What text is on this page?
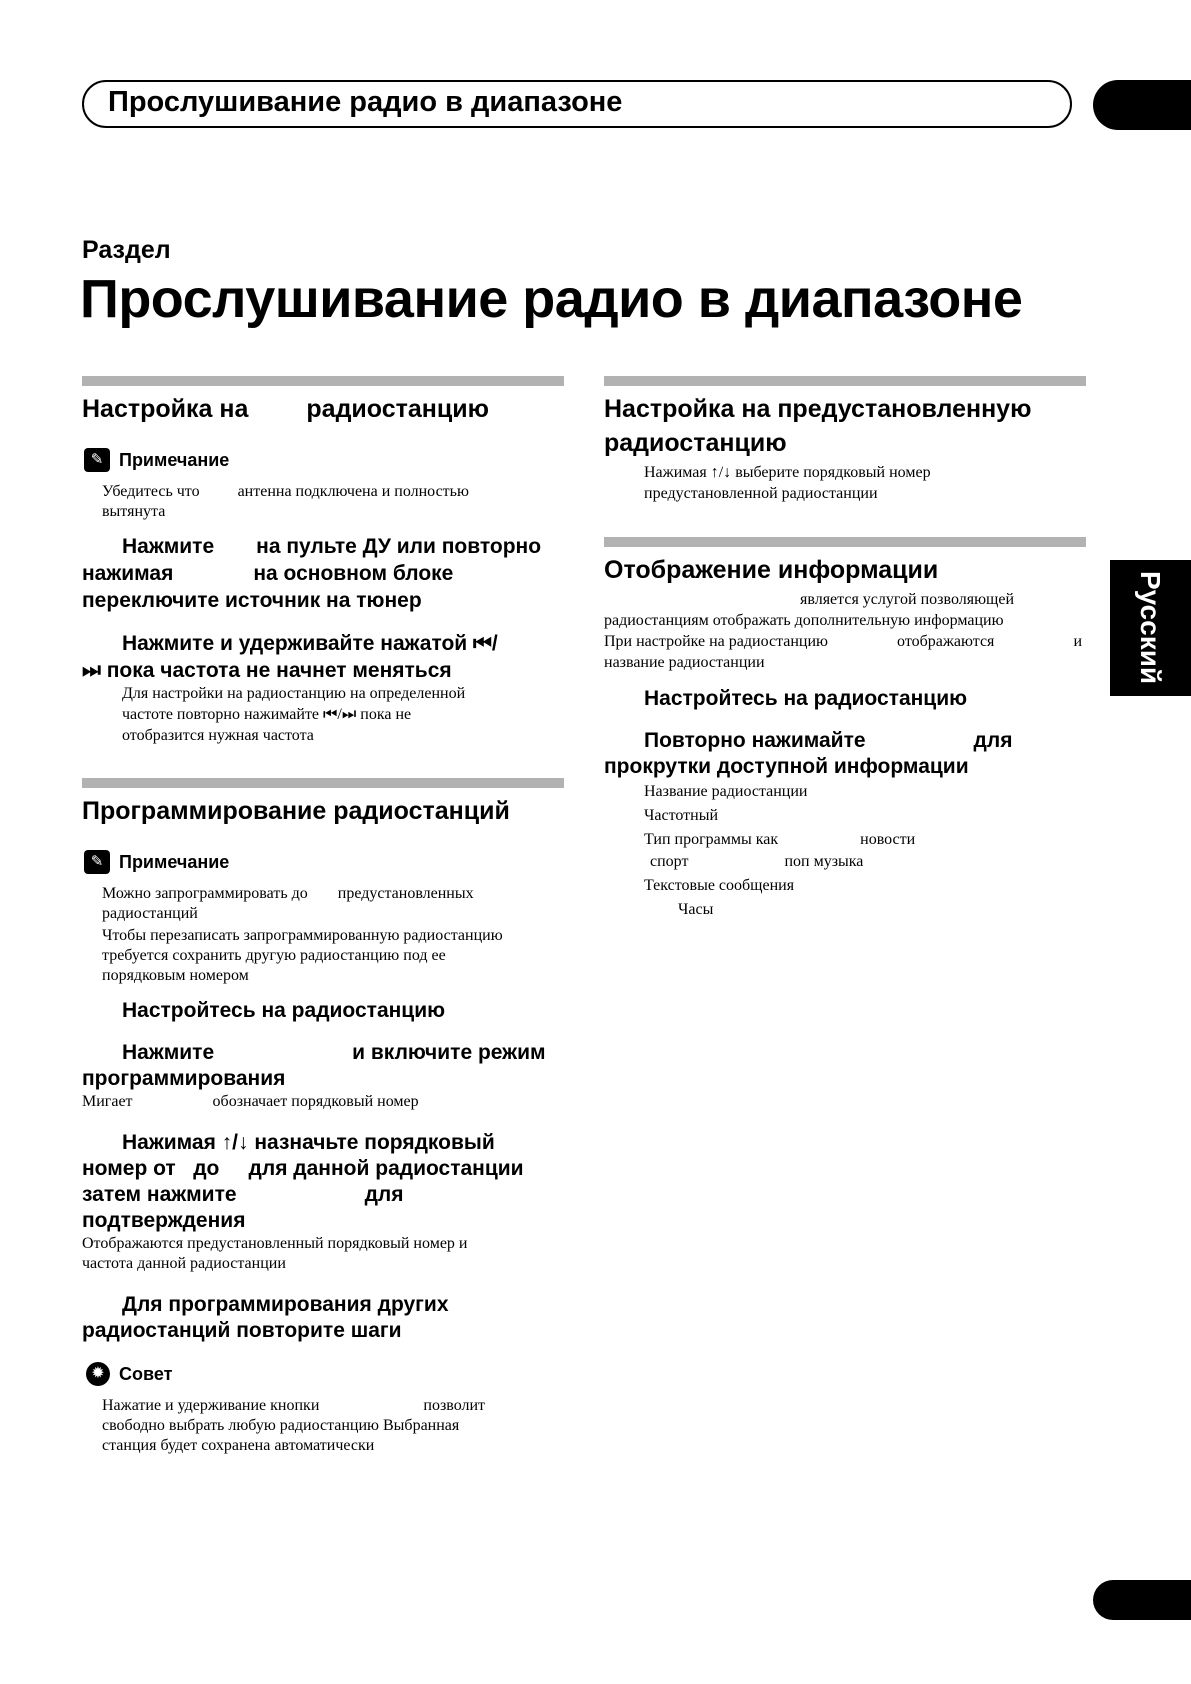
Прослушивание радио в диапазоне
Раздел
Прослушивание радио в диапазоне
Русский
Настройка на радиостанцию
✎ Примечание
Убедитесь что антенна подключена и полностью
вытянута
Нажмите на пульте ДУ или повторно
нажимая	на основном блоке
переключите источник на тюнер
Нажмите и удерживайте нажатой ⏮/
⏭ пока частота не начнет меняться
Для настройки на радиостанцию на определенной
частоте повторно нажимайте ⏮/⏭ пока не
отобразится нужная частота
Программирование радиостанций
✎ Примечание
Можно запрограммировать до предустановленных
радиостанций
Чтобы перезаписать запрограммированную радиостанцию
требуется сохранить другую радиостанцию под ее
порядковым номером
Настройтесь на радиостанцию
Нажмите	и включите режим
программирования
Мигает	обозначает порядковый номер
Нажимая ↑/↓ назначьте порядковый
номер от   до     для данной радиостанции
затем нажмите	для
подтверждения
Отображаются предустановленный порядковый номер и
частота данной радиостанции
Для программирования других
радиостанций повторите шаги
✹ Совет
Нажатие и удерживание кнопки	позволит
свободно выбрать любую радиостанцию Выбранная
станция будет сохранена автоматически
Настройка на предустановленную
радиостанцию
Нажимая ↑/↓ выберите порядковый номер
предустановленной радиостанции
Отображение информации
является услугой позволяющей
радиостанциям отображать дополнительную информацию
При настройке на радиостанцию	отображаются	и
название радиостанции
Настройтесь на радиостанцию
Повторно нажимайте	для
прокрутки доступной информации
Название радиостанции
Частотный
Тип программы как	новости
спорт	поп музыка
Текстовые сообщения
Часы
